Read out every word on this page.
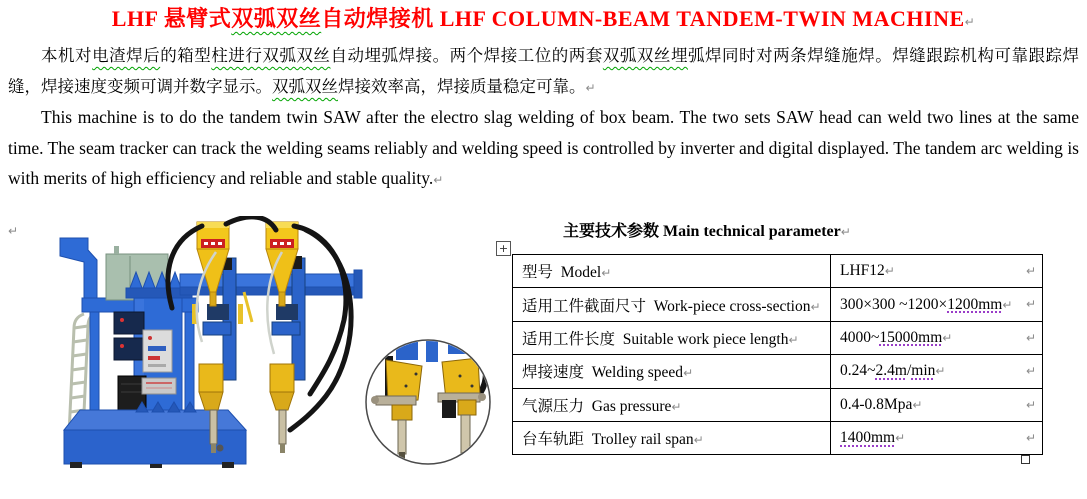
LHF 悬臂式双弧双丝自动焊接机 LHF COLUMN-BEAM TANDEM-TWIN MACHINE↵

本机对电渣焊后的箱型柱进行双弧双丝自动埋弧焊接。两个焊接工位的两套双弧双丝埋弧焊同时对两条焊缝施焊。焊缝跟踪机构可靠跟踪焊缝，焊接速度变频可调并数字显示。双弧双丝焊接效率高，焊接质量稳定可靠。↵

This machine is to do the tandem twin SAW after the electro slag welding of box beam. The two sets SAW head can weld two lines at the same time. The seam tracker can track the welding seams reliably and welding speed is controlled by inverter and digital displayed. The tandem arc welding is with merits of high efficiency and reliable and stable quality.↵

↵	主要技术参数 Main technical parameter↵

+
型号  Model↵	LHF12↵
适用工件截面尺寸  Work-piece cross-section↵	300×300 ~1200×1200mm↵
适用工件长度  Suitable work piece length↵	4000~15000mm↵
焊接速度  Welding speed↵	0.24~2.4m/min↵
气源压力  Gas pressure↵	0.4-0.8Mpa↵
台车轨距  Trolley rail span↵	1400mm↵
↵
↵
↵
↵
↵
↵
